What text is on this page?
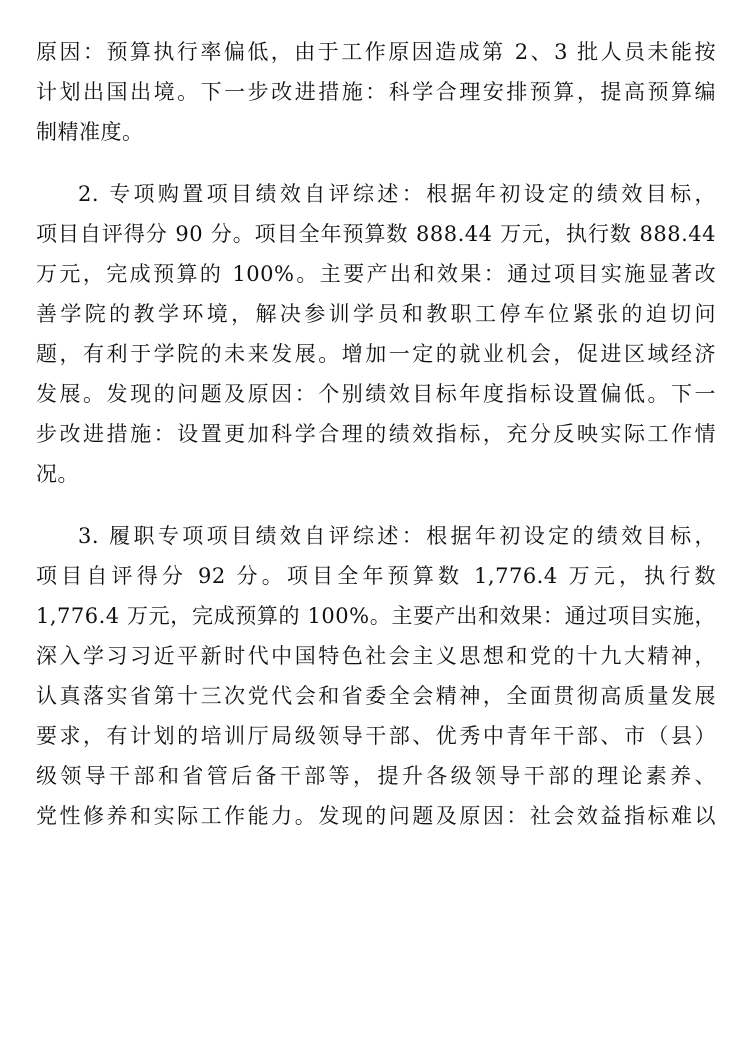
原因：预算执行率偏低，由于工作原因造成第 2、3 批人员未能按
计划出国出境。下一步改进措施：科学合理安排预算，提高预算编
制精准度。
2. 专项购置项目绩效自评综述：根据年初设定的绩效目标，
项目自评得分 90 分。项目全年预算数 888.44 万元，执行数 888.44
万元，完成预算的 100%。主要产出和效果：通过项目实施显著改
善学院的教学环境，解决参训学员和教职工停车位紧张的迫切问
题，有利于学院的未来发展。增加一定的就业机会，促进区域经济
发展。发现的问题及原因：个别绩效目标年度指标设置偏低。下一
步改进措施：设置更加科学合理的绩效指标，充分反映实际工作情
况。
3. 履职专项项目绩效自评综述：根据年初设定的绩效目标，
项目自评得分 92 分。项目全年预算数 1,776.4 万元，执行数
1,776.4 万元，完成预算的 100%。主要产出和效果：通过项目实施，
深入学习习近平新时代中国特色社会主义思想和党的十九大精神，
认真落实省第十三次党代会和省委全会精神，全面贯彻高质量发展
要求，有计划的培训厅局级领导干部、优秀中青年干部、市（县）
级领导干部和省管后备干部等，提升各级领导干部的理论素养、
党性修养和实际工作能力。发现的问题及原因：社会效益指标难以
